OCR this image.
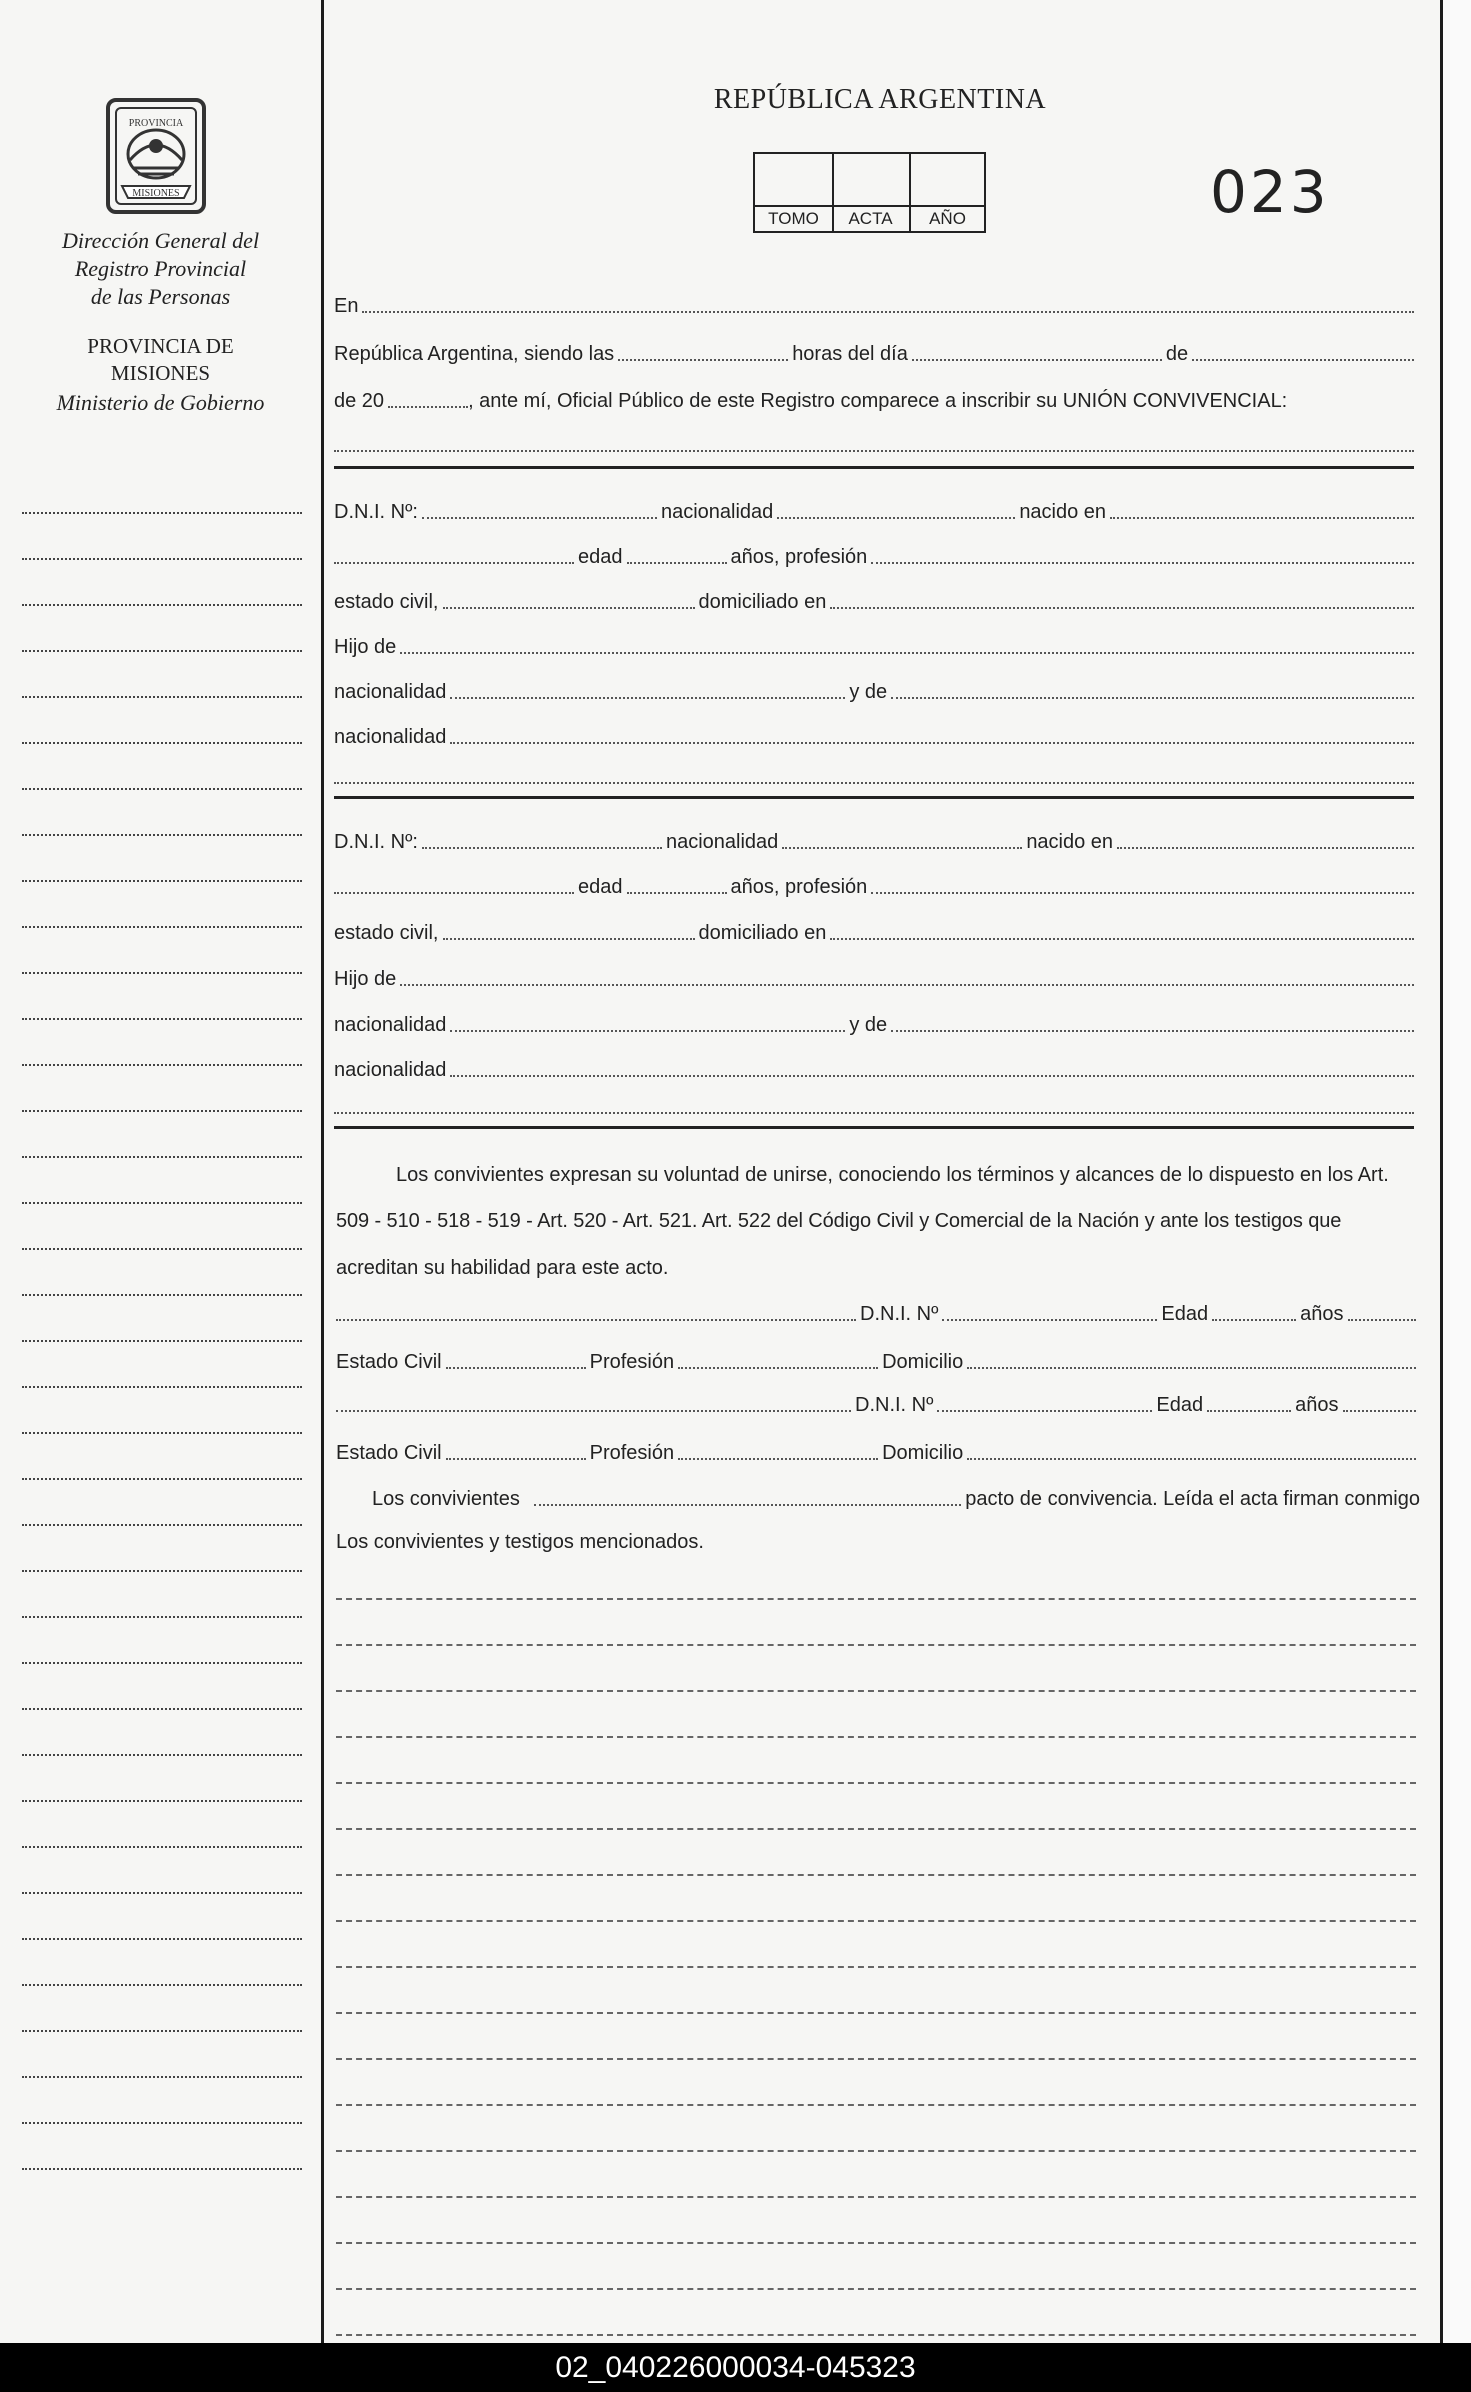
02_040226000034-045323
PROVINCIA
MISIONES
Dirección General del
Registro Provincial
de las Personas
PROVINCIA DE
MISIONES
Ministerio de Gobierno
REPÚBLICA ARGENTINA
TOMO	ACTA	AÑO	023
En
República Argentina, siendo las	horas del día	de
de 20	, ante mí, Oficial Público de este Registro comparece a inscribir su UNIÓN CONVIVENCIAL:
D.N.I. Nº:	nacionalidad	nacido en
edad	años, profesión
estado civil,	domiciliado en
Hijo de
nacionalidad	y de
nacionalidad
D.N.I. Nº:	nacionalidad	nacido en
edad	años, profesión
estado civil,	domiciliado en
Hijo de
nacionalidad	y de
nacionalidad
Los convivientes expresan su voluntad de unirse, conociendo los términos y alcances de lo dispuesto en los Art.
509 - 510 - 518 - 519 - Art. 520 - Art. 521. Art. 522 del Código Civil y Comercial de la Nación y ante los testigos que
acreditan su habilidad para este acto.
D.N.I. Nº	Edad	años
Estado Civil	Profesión	Domicilio
D.N.I. Nº	Edad	años
Estado Civil	Profesión	Domicilio
Los convivientes	pacto de convivencia. Leída el acta firman conmigo
Los convivientes y testigos mencionados.
